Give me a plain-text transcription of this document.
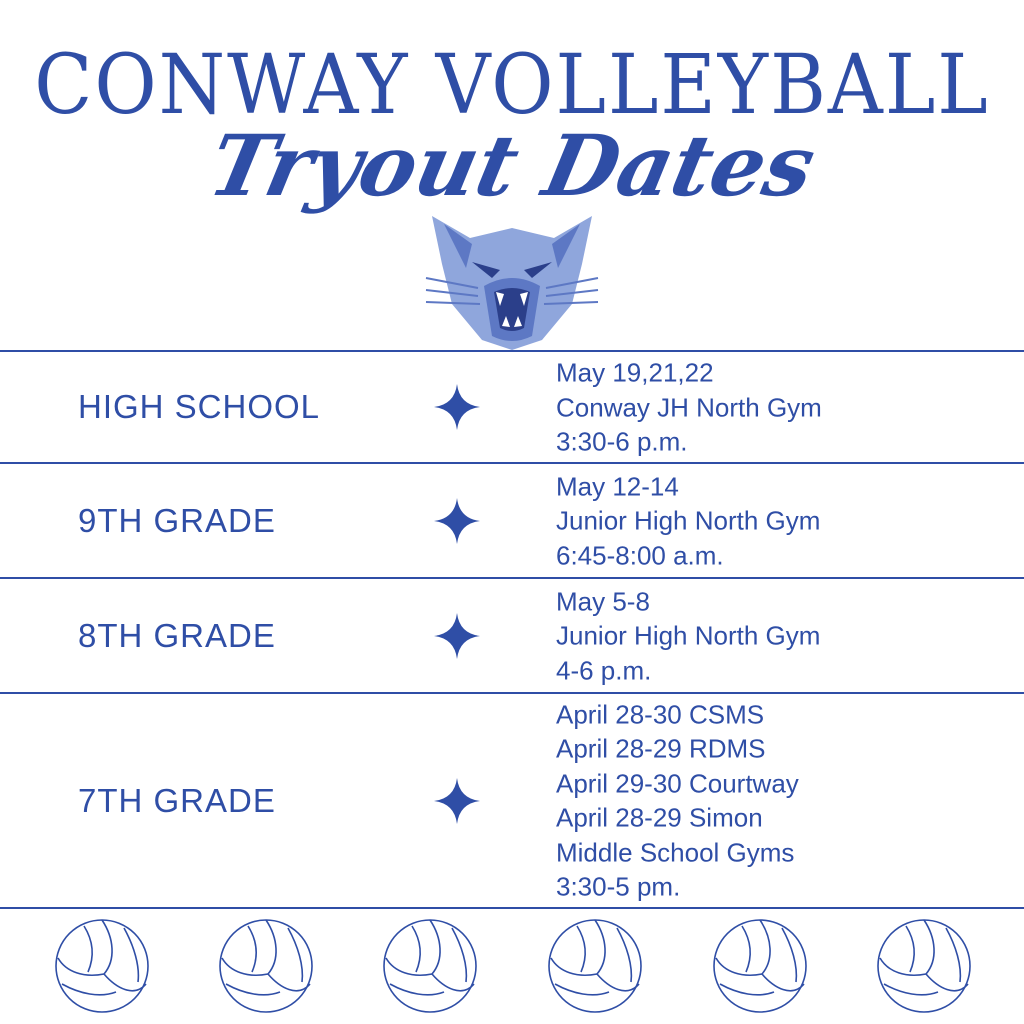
CONWAY VOLLEYBALL
Tryout Dates
HIGH SCHOOL
May 19,21,22
Conway JH North Gym
3:30-6 p.m.
9TH GRADE
May 12-14
Junior High North Gym
6:45-8:00 a.m.
8TH GRADE
May 5-8
Junior High North Gym
4-6 p.m.
7TH GRADE
April 28-30 CSMS
April 28-29 RDMS
April 29-30 Courtway
April 28-29 Simon
Middle School Gyms
3:30-5 pm.
